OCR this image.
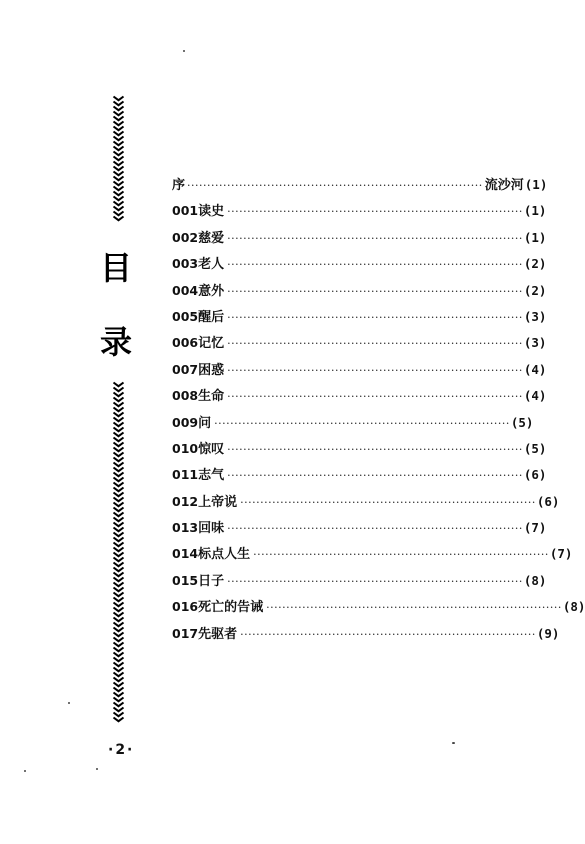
目
录
序 ·········································································· 流沙河 (1)
001 读史 ·········································································· (1)
002 慈爱 ·········································································· (1)
003 老人 ·········································································· (2)
004 意外 ·········································································· (2)
005 醒后 ·········································································· (3)
006 记忆 ·········································································· (3)
007 困惑 ·········································································· (4)
008 生命 ·········································································· (4)
009 问 ·········································································· (5)
010 惊叹 ·········································································· (5)
011 志气 ·········································································· (6)
012 上帝说 ·········································································· (6)
013 回味 ·········································································· (7)
014 标点人生 ·········································································· (7)
015 日子 ·········································································· (8)
016 死亡的告诫 ·········································································· (8)
017 先驱者 ·········································································· (9)
·2·
